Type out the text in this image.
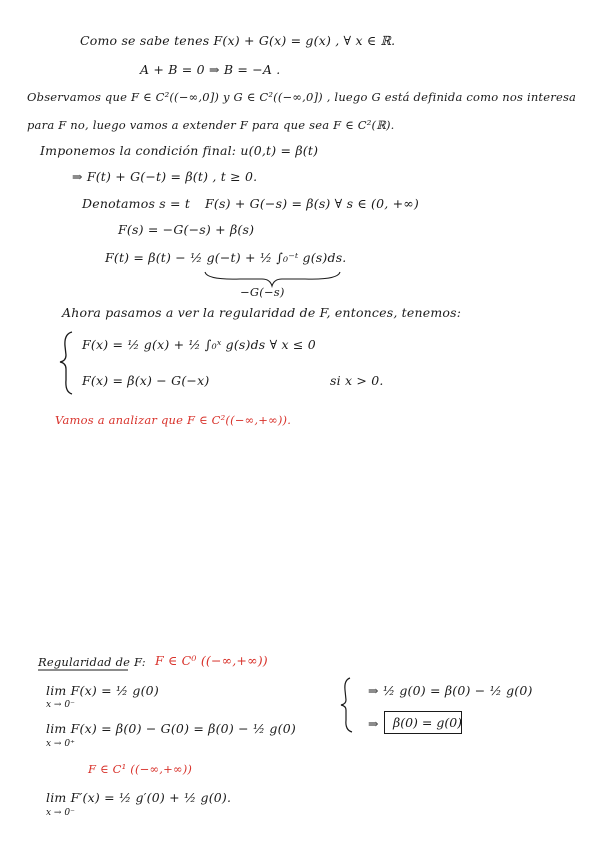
Como se sabe tenes F(x) + G(x) = g(x) , ∀ x ∈ ℝ.
A + B = 0 ⇒ B = −A .
Observamos que F ∈ C²((−∞,0]) y G ∈ C²((−∞,0]) , luego G está definida como nos interesa
para F no, luego vamos a extender F para que sea F ∈ C²(ℝ).
Imponemos la condición final: u(0,t) = β(t)
⇒ F(t) + G(−t) = β(t) , t ≥ 0.
Denotamos s = t F(s) + G(−s) = β(s) ∀ s ∈ (0, +∞)
F(s) = −G(−s) + β(s)
F(t) = β(t) − ½ g(−t) + ½ ∫₀⁻ᵗ g(s)ds.
−G(−s)
Ahora pasamos a ver la regularidad de F, entonces, tenemos:
F(x) = ½ g(x) + ½ ∫₀ˣ g(s)ds ∀ x ≤ 0
F(x) = β(x) − G(−x)	si x > 0.
Vamos a analizar que F ∈ C²((−∞,+∞)).
Regularidad de F: F ∈ C⁰ ((−∞,+∞))
lim F(x) = ½ g(0)
x → 0⁻
lim F(x) = β(0) − G(0) = β(0) − ½ g(0)
x → 0⁺
⇒ ½ g(0) = β(0) − ½ g(0)
⇒	β(0) = g(0)
F ∈ C¹ ((−∞,+∞))
lim F′(x) = ½ g′(0) + ½ g(0).
x → 0⁻
